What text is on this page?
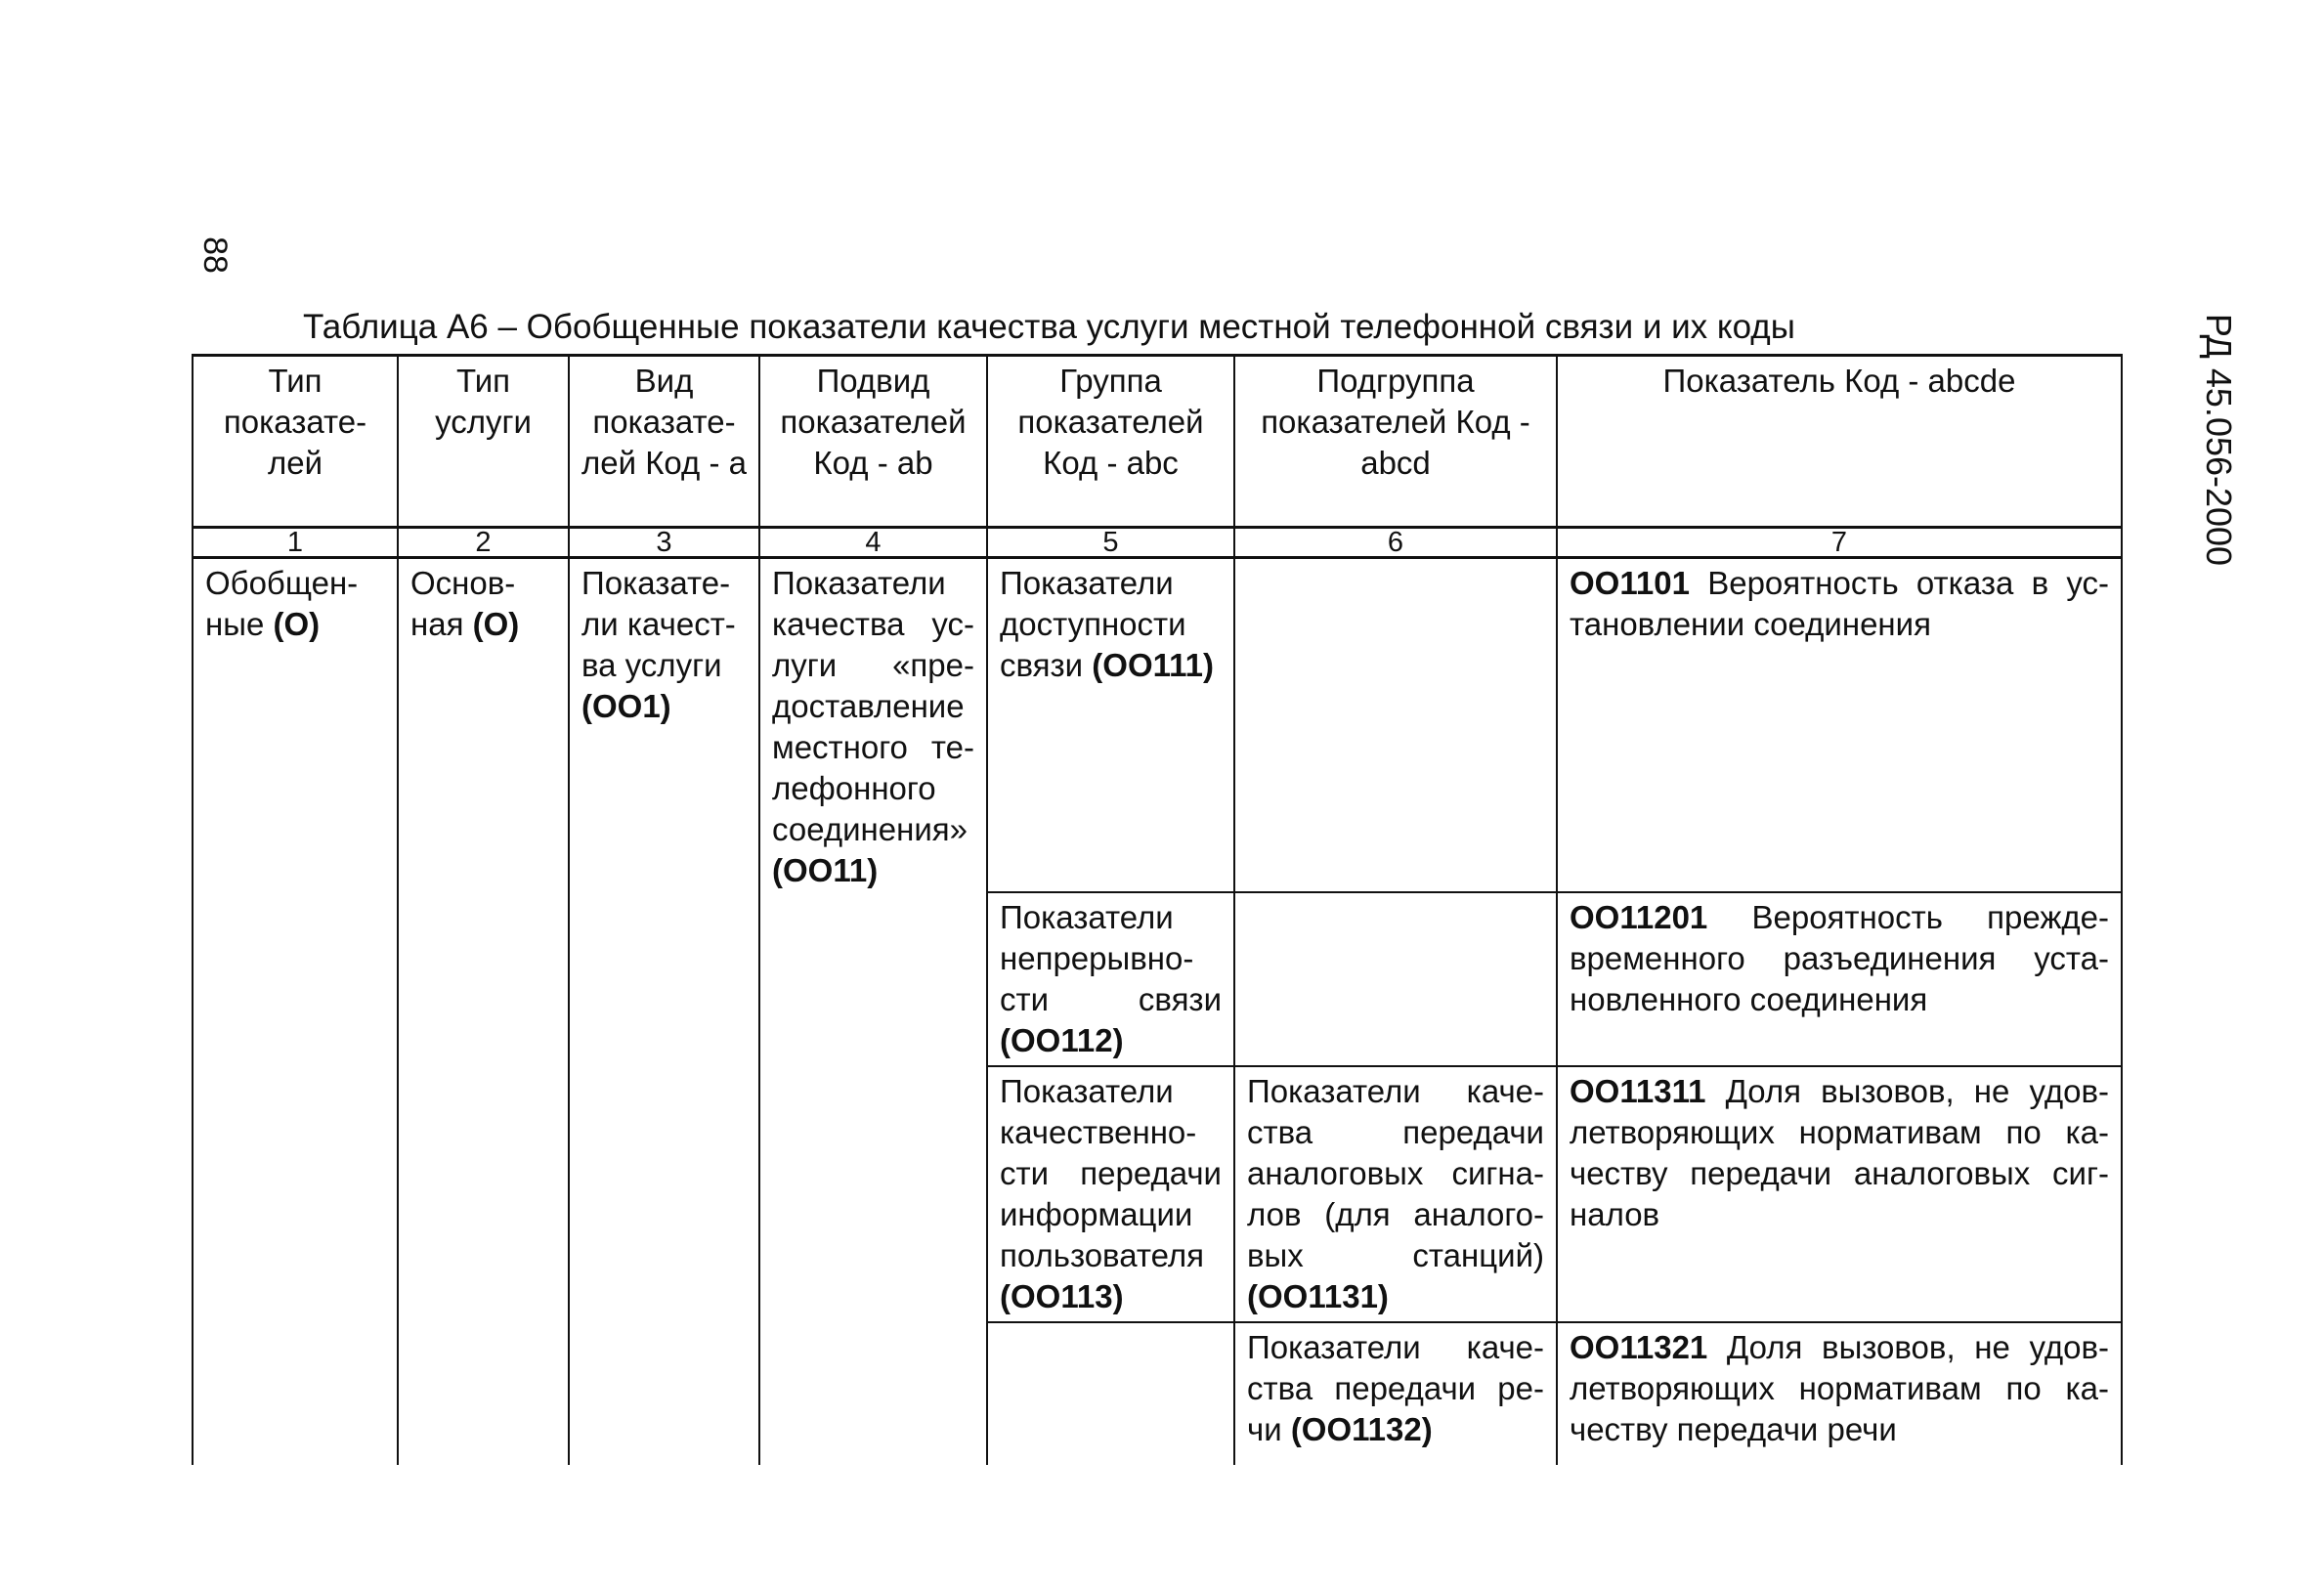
88
РД 45.056-2000
Таблица А6 – Обобщенные показатели качества услуги местной телефонной связи и их коды
Тип показате-лей	Тип услуги	Вид показате-лей Код - a	Подвид показателей Код - ab	Группа показателей Код - abc	Подгруппа показателей Код - abcd	Показатель Код - abcde
1	2	3	4	5	6	7
Обобщен-ные (О)	Основ-ная (О)	Показате-ли качест-ва услуги (ОО1)	Показатели качества ус-луги «пре-доставление местного те-лефонного соединения» (ОО11)	Показатели доступности связи (ОО111)		ОО1101 Вероятность отказа в ус-тановлении соединения
				Показатели непрерывно-сти связи (ОО112)		ОО11201 Вероятность прежде-временного разъединения уста-новленного соединения
				Показатели качественно-сти передачи информации пользователя (ОО113)	Показатели каче-ства передачи аналоговых сигна-лов (для аналого-вых станций) (ОО1131)	ОО11311 Доля вызовов, не удов-летворяющих нормативам по ка-честву передачи аналоговых сиг-налов
					Показатели каче-ства передачи ре-чи (ОО1132)	ОО11321 Доля вызовов, не удов-летворяющих нормативам по ка-честву передачи речи
